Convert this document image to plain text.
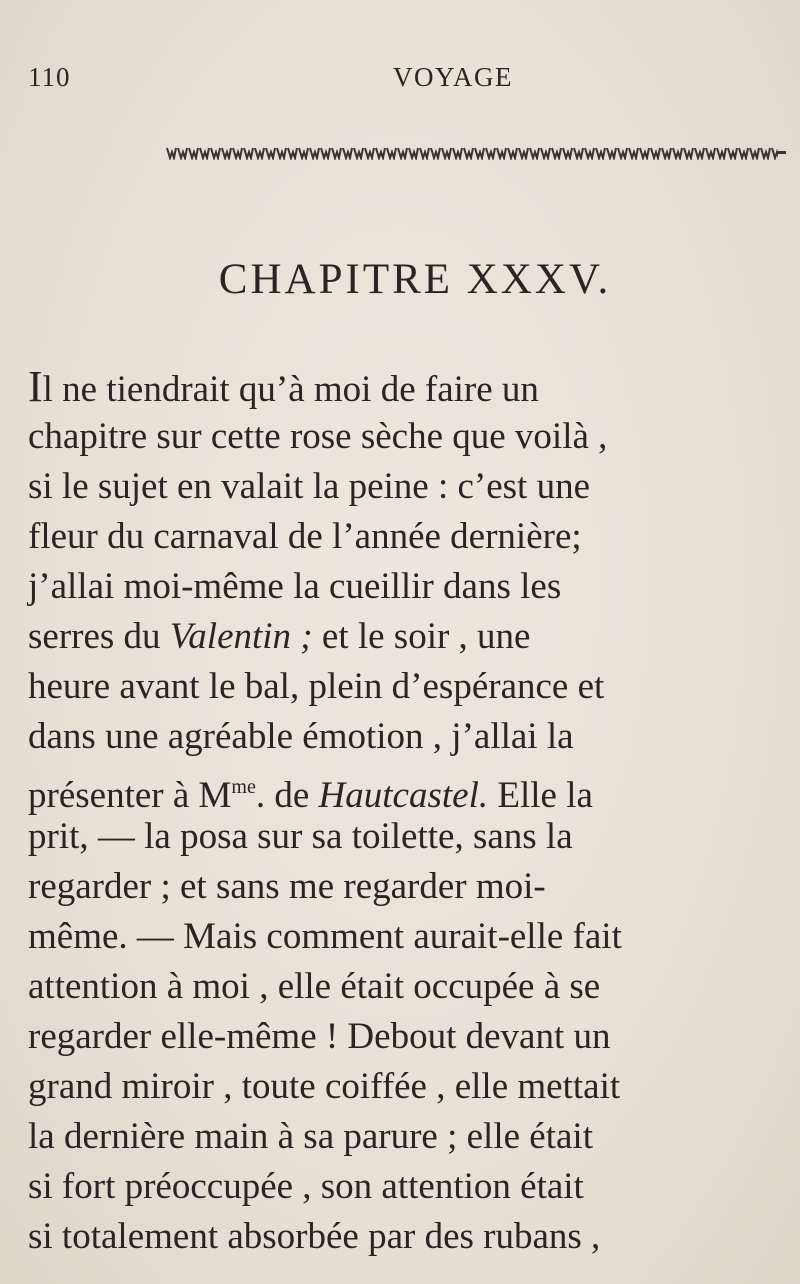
110	VOYAGE
CHAPITRE XXXV.
Il ne tiendrait qu’à moi de faire un
chapitre sur cette rose sèche que voilà ,
si le sujet en valait la peine : c’est une
fleur du carnaval de l’année dernière;
j’allai moi-même la cueillir dans les
serres du Valentin ; et le soir , une
heure avant le bal, plein d’espérance et
dans une agréable émotion , j’allai la
présenter à $M^{me}$. de Hautcastel. Elle la
prit, — la posa sur sa toilette, sans la
regarder ; et sans me regarder moi-
même. — Mais comment aurait-elle fait
attention à moi , elle était occupée à se
regarder elle-même ! Debout devant un
grand miroir , toute coiffée , elle mettait
la dernière main à sa parure ; elle était
si fort préoccupée , son attention était
si totalement absorbée par des rubans ,
